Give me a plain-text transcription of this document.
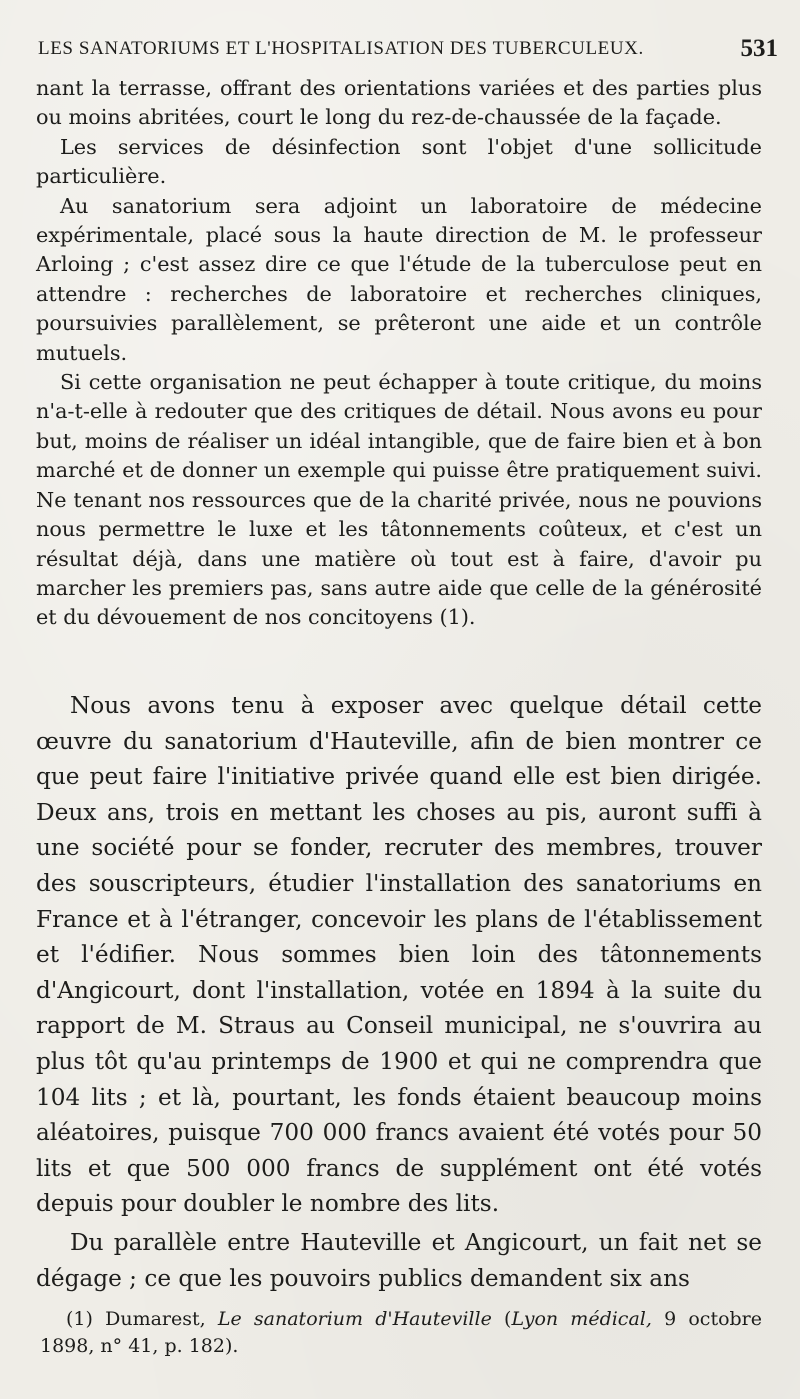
LES SANATORIUMS ET L'HOSPITALISATION DES TUBERCULEUX.	531

nant la terrasse, offrant des orientations variées et des parties plus ou moins abritées, court le long du rez-de-chaussée de la façade.

Les services de désinfection sont l'objet d'une sollicitude particulière.

Au sanatorium sera adjoint un laboratoire de médecine expérimentale, placé sous la haute direction de M. le professeur Arloing ; c'est assez dire ce que l'étude de la tuberculose peut en attendre : recherches de laboratoire et recherches cliniques, poursuivies parallèlement, se prêteront une aide et un contrôle mutuels.

Si cette organisation ne peut échapper à toute critique, du moins n'a-t-elle à redouter que des critiques de détail. Nous avons eu pour but, moins de réaliser un idéal intangible, que de faire bien et à bon marché et de donner un exemple qui puisse être pratiquement suivi. Ne tenant nos ressources que de la charité privée, nous ne pouvions nous permettre le luxe et les tâtonnements coûteux, et c'est un résultat déjà, dans une matière où tout est à faire, d'avoir pu marcher les premiers pas, sans autre aide que celle de la générosité et du dévouement de nos concitoyens (1).

Nous avons tenu à exposer avec quelque détail cette œuvre du sanatorium d'Hauteville, afin de bien montrer ce que peut faire l'initiative privée quand elle est bien dirigée. Deux ans, trois en mettant les choses au pis, auront suffi à une société pour se fonder, recruter des membres, trouver des souscripteurs, étudier l'installation des sanatoriums en France et à l'étranger, concevoir les plans de l'établissement et l'édifier. Nous sommes bien loin des tâtonnements d'Angicourt, dont l'installation, votée en 1894 à la suite du rapport de M. Straus au Conseil municipal, ne s'ouvrira au plus tôt qu'au printemps de 1900 et qui ne comprendra que 104 lits ; et là, pourtant, les fonds étaient beaucoup moins aléatoires, puisque 700 000 francs avaient été votés pour 50 lits et que 500 000 francs de supplément ont été votés depuis pour doubler le nombre des lits.

Du parallèle entre Hauteville et Angicourt, un fait net se dégage ; ce que les pouvoirs publics demandent six ans

(1) Dumarest, Le sanatorium d'Hauteville (Lyon médical, 9 octobre 1898, n° 41, p. 182).
